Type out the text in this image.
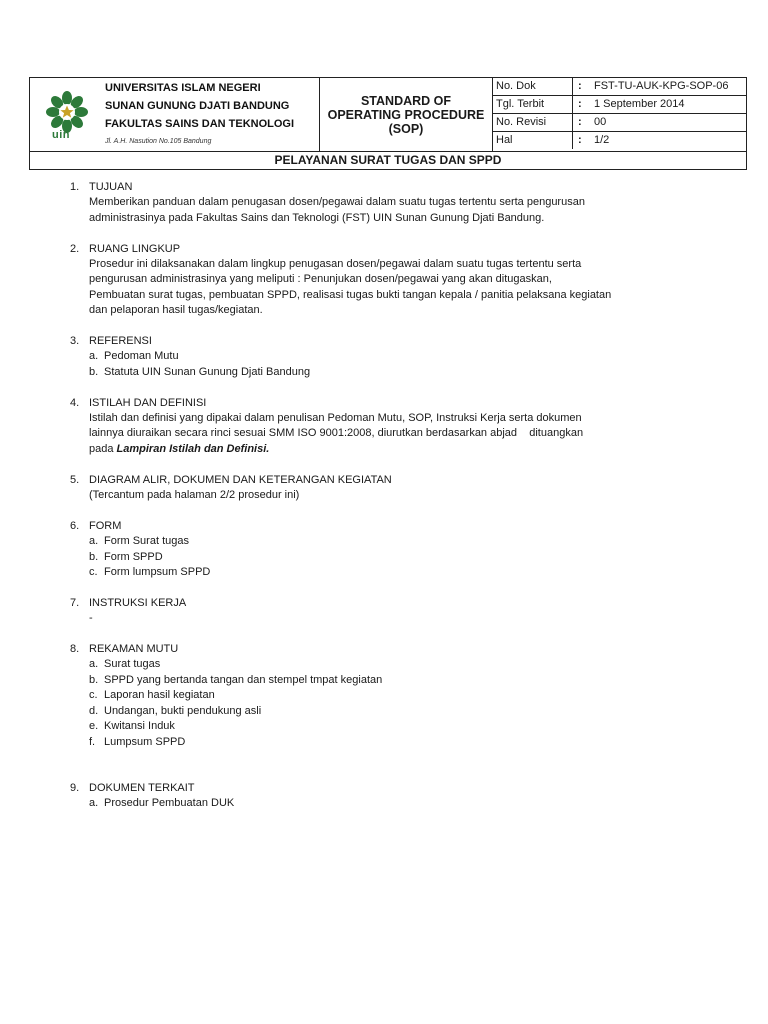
uin
UNIVERSITAS ISLAM NEGERI
SUNAN GUNUNG DJATI BANDUNG
FAKULTAS SAINS DAN TEKNOLOGI
Jl. A.H. Nasution No.105 Bandung
STANDARD OF
OPERATING PROCEDURE
(SOP)
No. Dok	: FST-TU-AUK-KPG-SOP-06
Tgl. Terbit	: 1 September 2014
No. Revisi	: 00
Hal	: 1/2
PELAYANAN SURAT TUGAS DAN SPPD
1. TUJUAN
Memberikan panduan dalam penugasan dosen/pegawai dalam suatu tugas tertentu serta pengurusan
administrasinya pada Fakultas Sains dan Teknologi (FST) UIN Sunan Gunung Djati Bandung.
2. RUANG LINGKUP
Prosedur ini dilaksanakan dalam lingkup penugasan dosen/pegawai dalam suatu tugas tertentu serta
pengurusan administrasinya yang meliputi : Penunjukan dosen/pegawai yang akan ditugaskan,
Pembuatan surat tugas, pembuatan SPPD, realisasi tugas bukti tangan kepala / panitia pelaksana kegiatan
dan pelaporan hasil tugas/kegiatan.
3. REFERENSI
a. Pedoman Mutu
b. Statuta UIN Sunan Gunung Djati Bandung
4. ISTILAH DAN DEFINISI
Istilah dan definisi yang dipakai dalam penulisan Pedoman Mutu, SOP, Instruksi Kerja serta dokumen
lainnya diuraikan secara rinci sesuai SMM ISO 9001:2008, diurutkan berdasarkan abjad    dituangkan
pada Lampiran Istilah dan Definisi.
5. DIAGRAM ALIR, DOKUMEN DAN KETERANGAN KEGIATAN
(Tercantum pada halaman 2/2 prosedur ini)
6. FORM
a. Form Surat tugas
b. Form SPPD
c. Form lumpsum SPPD
7. INSTRUKSI KERJA
-
8. REKAMAN MUTU
a. Surat tugas
b. SPPD yang bertanda tangan dan stempel tmpat kegiatan
c. Laporan hasil kegiatan
d. Undangan, bukti pendukung asli
e. Kwitansi Induk
f. Lumpsum SPPD
9. DOKUMEN TERKAIT
a. Prosedur Pembuatan DUK
